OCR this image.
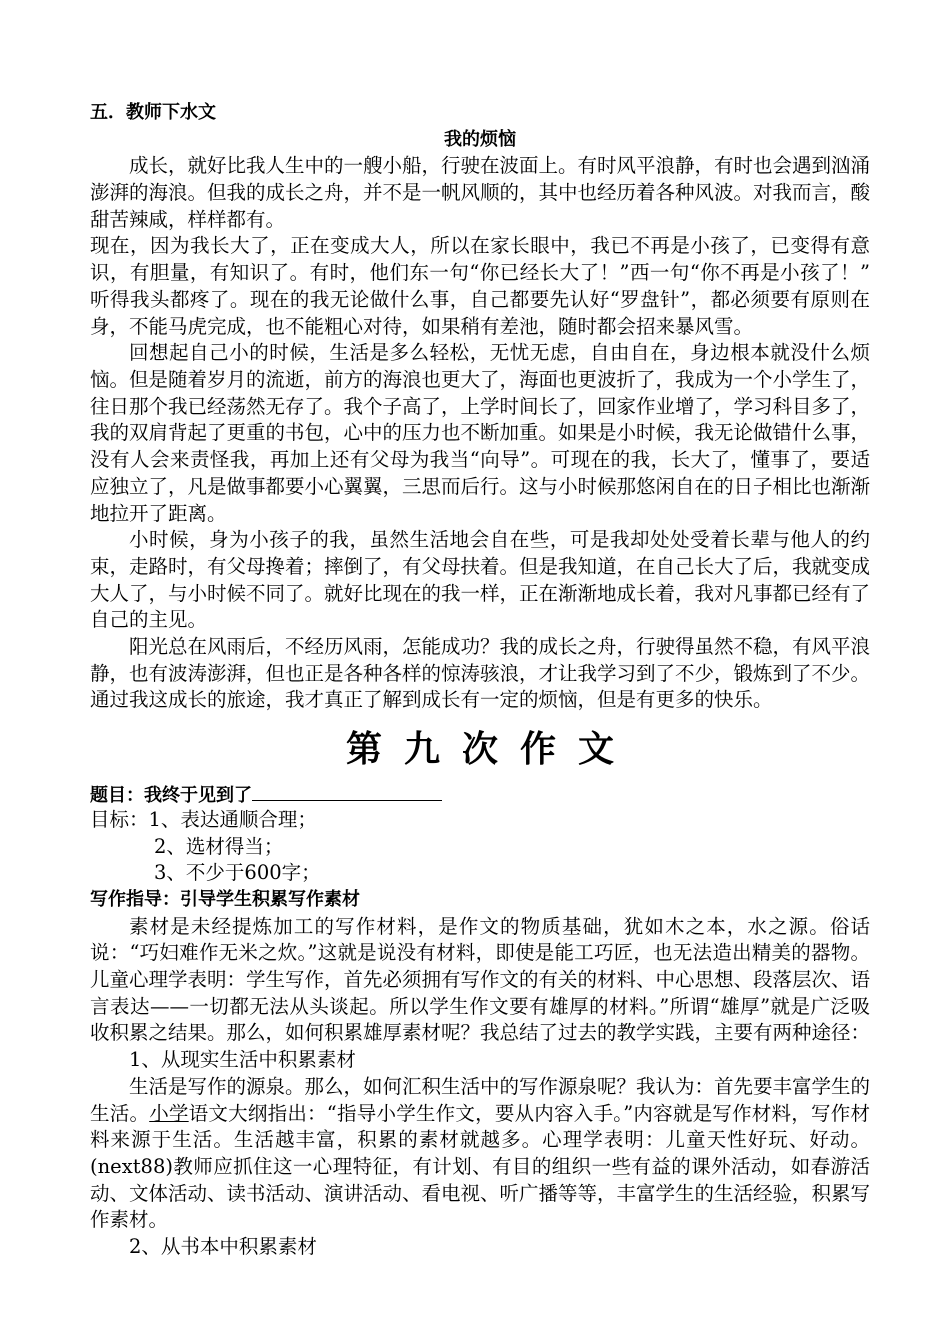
五．教师下水文
我的烦恼

成长，就好比我人生中的一艘小船，行驶在波面上。有时风平浪静，有时也会遇到汹涌澎湃的海浪。但我的成长之舟，并不是一帆风顺的，其中也经历着各种风波。对我而言，酸甜苦辣咸，样样都有。

现在，因为我长大了，正在变成大人，所以在家长眼中，我已不再是小孩了，已变得有意识，有胆量，有知识了。有时，他们东一句“你已经长大了！”西一句“你不再是小孩了！” 听得我头都疼了。现在的我无论做什么事，自己都要先认好“罗盘针”，都必须要有原则在身，不能马虎完成，也不能粗心对待，如果稍有差池，随时都会招来暴风雪。

回想起自己小的时候，生活是多么轻松，无忧无虑，自由自在，身边根本就没什么烦恼。但是随着岁月的流逝，前方的海浪也更大了，海面也更波折了，我成为一个小学生了，往日那个我已经荡然无存了。我个子高了，上学时间长了，回家作业增了，学习科目多了，我的双肩背起了更重的书包，心中的压力也不断加重。如果是小时候，我无论做错什么事，没有人会来责怪我，再加上还有父母为我当“向导”。可现在的我，长大了，懂事了，要适应独立了，凡是做事都要小心翼翼，三思而后行。这与小时候那悠闲自在的日子相比也渐渐地拉开了距离。

小时候，身为小孩子的我，虽然生活地会自在些，可是我却处处受着长辈与他人的约束，走路时，有父母搀着；摔倒了，有父母扶着。但是我知道，在自己长大了后，我就变成大人了，与小时候不同了。就好比现在的我一样，正在渐渐地成长着，我对凡事都已经有了自己的主见。

阳光总在风雨后，不经历风雨，怎能成功？我的成长之舟，行驶得虽然不稳，有风平浪静，也有波涛澎湃，但也正是各种各样的惊涛骇浪，才让我学习到了不少，锻炼到了不少。通过我这成长的旅途，我才真正了解到成长有一定的烦恼，但是有更多的快乐。

第九次作文
题目：我终于见到了
目标：1、表达通顺合理；
2、选材得当；
3、不少于600字；
写作指导：引导学生积累写作素材

素材是未经提炼加工的写作材料，是作文的物质基础，犹如木之本，水之源。俗话说：“巧妇难作无米之炊。”这就是说没有材料，即使是能工巧匠，也无法造出精美的器物。儿童心理学表明：学生写作，首先必须拥有写作文的有关的材料、中心思想、段落层次、语言表达——一切都无法从头谈起。所以学生作文要有雄厚的材料。”所谓“雄厚”就是广泛吸收积累之结果。那么，如何积累雄厚素材呢？我总结了过去的教学实践，主要有两种途径：

1、从现实生活中积累素材

生活是写作的源泉。那么，如何汇积生活中的写作源泉呢？我认为：首先要丰富学生的生活。小学语文大纲指出：“指导小学生作文，要从内容入手。”内容就是写作材料，写作材料来源于生活。生活越丰富，积累的素材就越多。心理学表明：儿童天性好玩、好动。(next88)教师应抓住这一心理特征，有计划、有目的组织一些有益的课外活动，如春游活动、文体活动、读书活动、演讲活动、看电视、听广播等等，丰富学生的生活经验，积累写作素材。

2、从书本中积累素材
